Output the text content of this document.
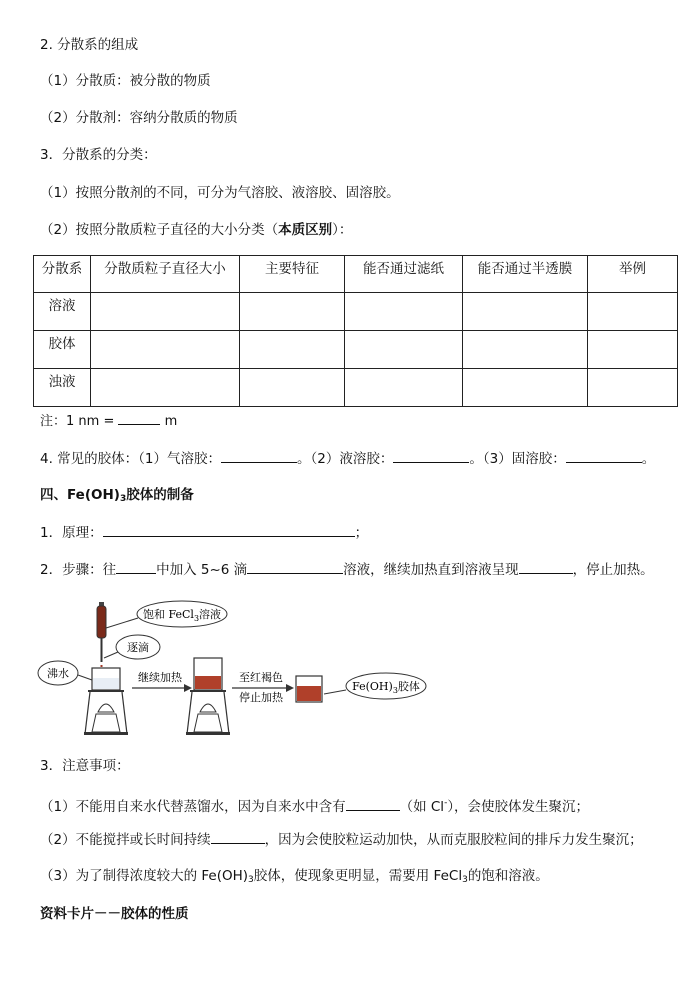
2. 分散系的组成
（1）分散质：被分散的物质
（2）分散剂：容纳分散质的物质
3．分散系的分类：
（1）按照分散剂的不同，可分为气溶胶、液溶胶、固溶胶。
（2）按照分散质粒子直径的大小分类（本质区别）：
分散系	分散质粒子直径大小	主要特征	能否通过滤纸	能否通过半透膜	举例
溶液					
胶体					
浊液					
注：1 nm =	m
4. 常见的胶体：（1）气溶胶：	。（2）液溶胶：	。（3）固溶胶：	。
四、$Fe(OH)_3$胶体的制备
1．原理：	；
2．步骤：往	中加入 5~6 滴	溶液，继续加热直到溶液呈现	，停止加热。
饱和 FeCl$_3$溶液
逐滴
沸水	继续加热	至红褐色
停止加热
$Fe(OH)_3$胶体
3．注意事项：
（1）不能用自来水代替蒸馏水，因为自来水中含有	（如 Cl-），会使胶体发生聚沉；
（2）不能搅拌或长时间持续	，因为会使胶粒运动加快，从而克服胶粒间的排斥力发生聚沉；
（3）为了制得浓度较大的 $Fe(OH)_3$胶体，使现象更明显，需要用 FeCl$_3$的饱和溶液。
资料卡片－－胶体的性质
